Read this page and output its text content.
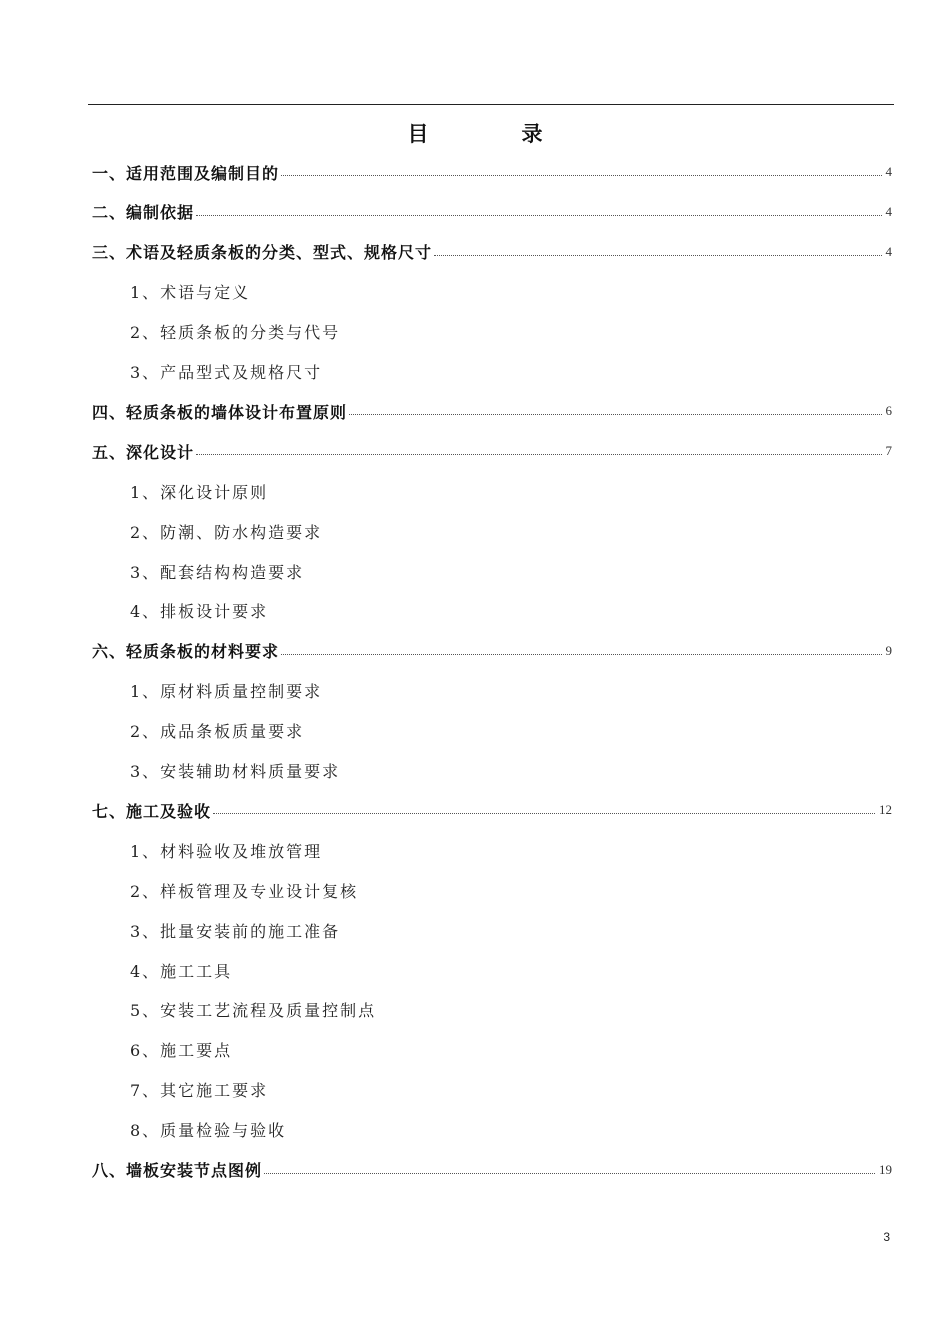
目　录
一、适用范围及编制目的	4
二、编制依据	4
三、术语及轻质条板的分类、型式、规格尺寸	4
1、术语与定义
2、轻质条板的分类与代号
3、产品型式及规格尺寸
四、轻质条板的墙体设计布置原则	6
五、深化设计	7
1、深化设计原则
2、防潮、防水构造要求
3、配套结构构造要求
4、排板设计要求
六、轻质条板的材料要求	9
1、原材料质量控制要求
2、成品条板质量要求
3、安装辅助材料质量要求
七、施工及验收	12
1、材料验收及堆放管理
2、样板管理及专业设计复核
3、批量安装前的施工准备
4、施工工具
5、安装工艺流程及质量控制点
6、施工要点
7、其它施工要求
8、质量检验与验收
八、墙板安装节点图例	19
3
